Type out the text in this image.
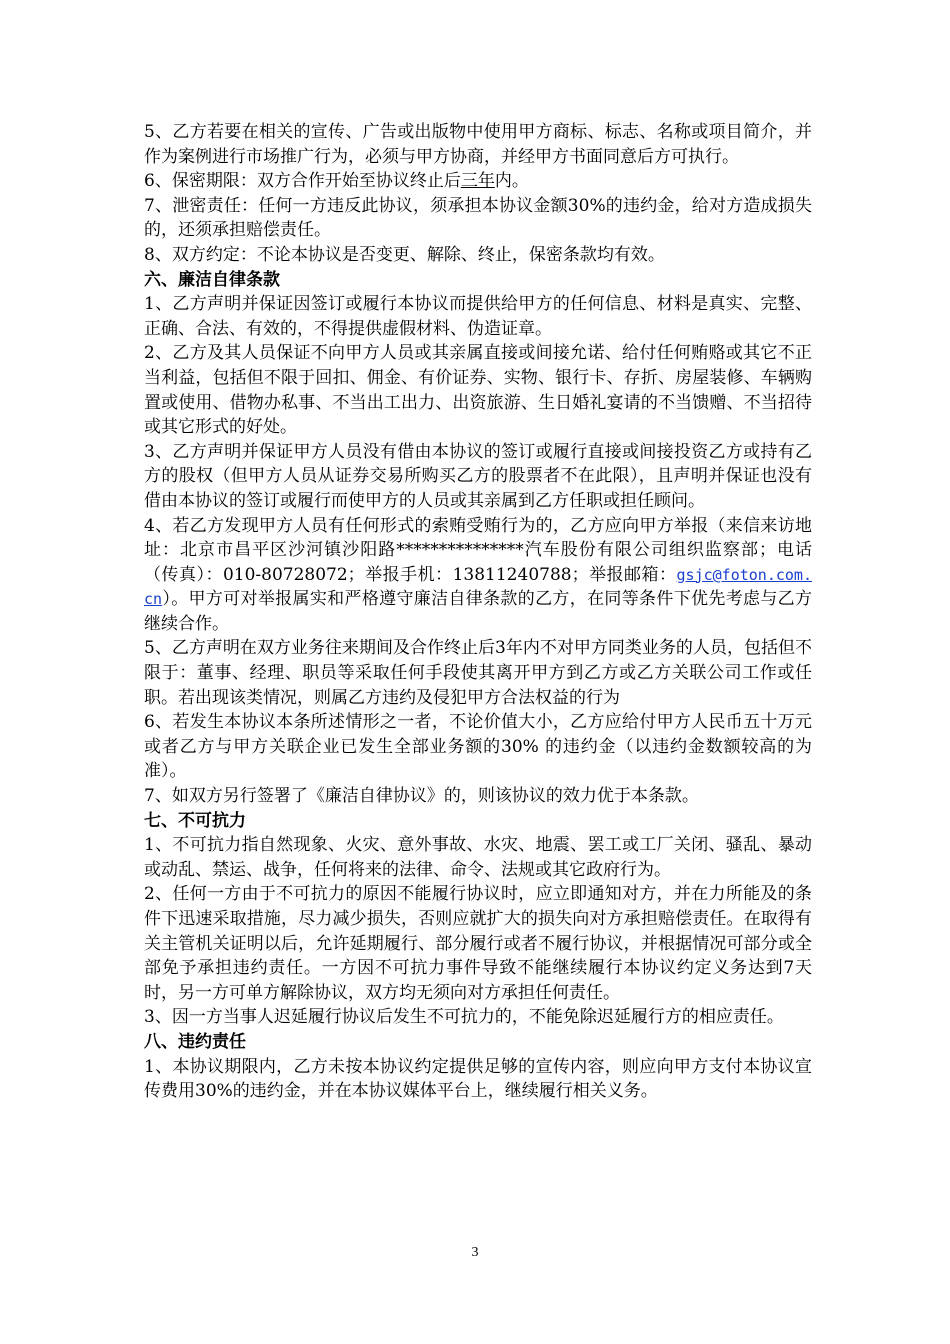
5、乙方若要在相关的宣传、广告或出版物中使用甲方商标、标志、名称或项目简介，并作为案例进行市场推广行为，必须与甲方协商，并经甲方书面同意后方可执行。

6、保密期限：双方合作开始至协议终止后三年内。

7、泄密责任：任何一方违反此协议，须承担本协议金额30%的违约金，给对方造成损失的，还须承担赔偿责任。

8、双方约定：不论本协议是否变更、解除、终止，保密条款均有效。

六、廉洁自律条款

1、乙方声明并保证因签订或履行本协议而提供给甲方的任何信息、材料是真实、完整、正确、合法、有效的，不得提供虚假材料、伪造证章。

2、乙方及其人员保证不向甲方人员或其亲属直接或间接允诺、给付任何贿赂或其它不正当利益，包括但不限于回扣、佣金、有价证券、实物、银行卡、存折、房屋装修、车辆购置或使用、借物办私事、不当出工出力、出资旅游、生日婚礼宴请的不当馈赠、不当招待或其它形式的好处。

3、乙方声明并保证甲方人员没有借由本协议的签订或履行直接或间接投资乙方或持有乙方的股权（但甲方人员从证券交易所购买乙方的股票者不在此限），且声明并保证也没有借由本协议的签订或履行而使甲方的人员或其亲属到乙方任职或担任顾问。

4、若乙方发现甲方人员有任何形式的索贿受贿行为的，乙方应向甲方举报（来信来访地址：北京市昌平区沙河镇沙阳路***************汽车股份有限公司组织监察部；电话（传真）：010-80728072；举报手机：13811240788；举报邮箱：gsjc@foton.com.cn）。甲方可对举报属实和严格遵守廉洁自律条款的乙方，在同等条件下优先考虑与乙方继续合作。

5、乙方声明在双方业务往来期间及合作终止后3年内不对甲方同类业务的人员，包括但不限于：董事、经理、职员等采取任何手段使其离开甲方到乙方或乙方关联公司工作或任职。若出现该类情况，则属乙方违约及侵犯甲方合法权益的行为

6、若发生本协议本条所述情形之一者，不论价值大小，乙方应给付甲方人民币五十万元或者乙方与甲方关联企业已发生全部业务额的30% 的违约金（以违约金数额较高的为准）。

7、如双方另行签署了《廉洁自律协议》的，则该协议的效力优于本条款。

七、不可抗力

1、不可抗力指自然现象、火灾、意外事故、水灾、地震、罢工或工厂关闭、骚乱、暴动或动乱、禁运、战争，任何将来的法律、命令、法规或其它政府行为。

2、任何一方由于不可抗力的原因不能履行协议时，应立即通知对方，并在力所能及的条件下迅速采取措施，尽力减少损失，否则应就扩大的损失向对方承担赔偿责任。在取得有关主管机关证明以后，允许延期履行、部分履行或者不履行协议，并根据情况可部分或全部免予承担违约责任。一方因不可抗力事件导致不能继续履行本协议约定义务达到7天时，另一方可单方解除协议，双方均无须向对方承担任何责任。

3、因一方当事人迟延履行协议后发生不可抗力的，不能免除迟延履行方的相应责任。

八、违约责任

1、本协议期限内，乙方未按本协议约定提供足够的宣传内容，则应向甲方支付本协议宣传费用30%的违约金，并在本协议媒体平台上，继续履行相关义务。

3
